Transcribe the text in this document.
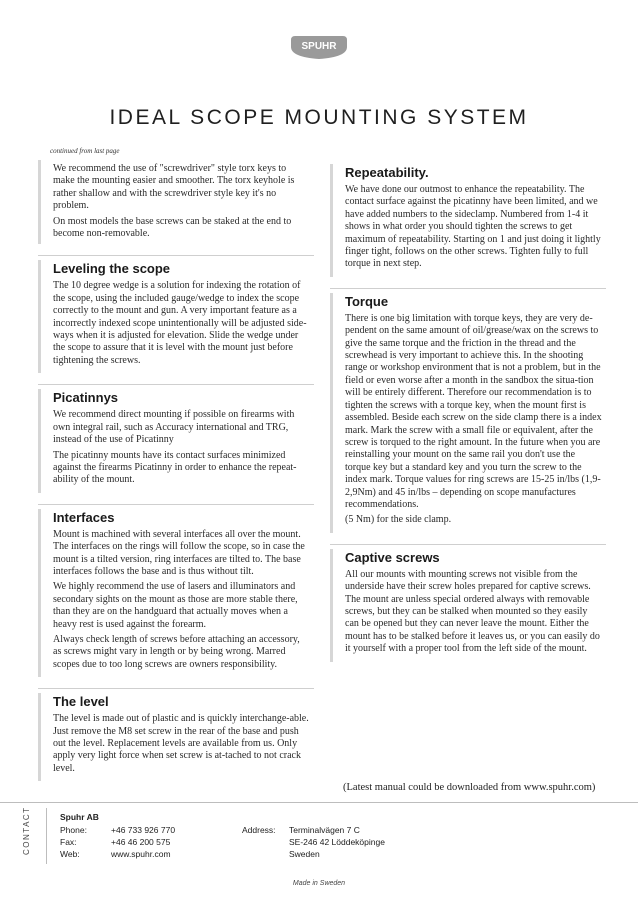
SPUHR
IDEAL SCOPE MOUNTING SYSTEM
continued from last page

We recommend the use of "screwdriver" style torx keys to make the mounting easier and smoother. The torx keyhole is rather shallow and with the screwdriver style key it's no problem.

On most models the base screws can be staked at the end to become non-removable.

Leveling the scope

The 10 degree wedge is a solution for indexing the rotation of the scope, using the included gauge/wedge to index the scope correctly to the mount and gun. A very important feature as a incorrectly indexed scope unintentionally will be adjusted side-ways when it is adjusted for elevation. Slide the wedge under the scope to assure that it is level with the mount just before tightening the screws.

Picatinnys

We recommend direct mounting if possible on firearms with own integral rail, such as Accuracy international and TRG, instead of the use of Picatinny

The picatinny mounts have its contact surfaces minimized against the firearms Picatinny in order to enhance the repeat-ability of the mount.

Interfaces

Mount is machined with several interfaces all over the mount. The interfaces on the rings will follow the scope, so in case the mount is a tilted version, ring interfaces are tilted to. The base interfaces follows the base and is thus without tilt.

We highly recommend the use of lasers and illuminators and secondary sights on the mount as those are more stable there, than they are on the handguard that actually moves when a heavy rest is used against the forearm.

Always check length of screws before attaching an accessory, as screws might vary in length or by being wrong. Marred scopes due to too long screws are owners responsibility.

The level

The level is made out of plastic and is quickly interchange-able. Just remove the M8 set screw in the rear of the base and push out the level. Replacement levels are available from us. Only apply very light force when set screw is at-tached to not crack level.

Repeatability.

We have done our outmost to enhance the repeatability. The contact surface against the picatinny have been limited, and we have added numbers to the sideclamp. Numbered from 1-4 it shows in what order you should tighten the screws to get maximum of repeatability. Starting on 1 and just doing it lightly finger tight, follows on the other screws. Tighten fully to full torque in next step.

Torque

There is one big limitation with torque keys, they are very de-pendent on the same amount of oil/grease/wax on the screws to give the same torque and the friction in the thread and the screwhead is very important to achieve this. In the shooting range or workshop environment that is not a problem, but in the field or even worse after a month in the sandbox the situa-tion will be entirely different. Therefore our recommendation is to tighten the screws with a torque key, when the mount first is assembled. Beside each screw on the side clamp there is a index mark. Mark the screw with a small file or equivalent, after the screw is torqued to the right amount. In the future when you are reinstalling your mount on the same rail you don't use the torque key but a standard key and you turn the screw to the index mark. Torque values for ring screws are 15-25 in/lbs (1,9-2,9Nm) and 45 in/lbs – depending on scope manufactures recommendations.

(5 Nm) for the side clamp.

Captive screws

All our mounts with mounting screws not visible from the underside have their screw holes prepared for captive screws. The mount are unless special ordered always with removable screws, but they can be stalked when mounted so they easily can be opened but they can never leave the mount. Either the mount has to be stalked before it leaves us, or you can easily do it yourself with a proper tool from the left side of the mount.

(Latest manual could be downloaded from www.spuhr.com)
CONTACT	Spuhr AB
Phone:	+46 733 926 770
Fax:	+46 46 200 575
Web:	www.spuhr.com
Address: Terminalvägen 7 C
SE-246 42 Löddeköpinge
Sweden
Made in Sweden
